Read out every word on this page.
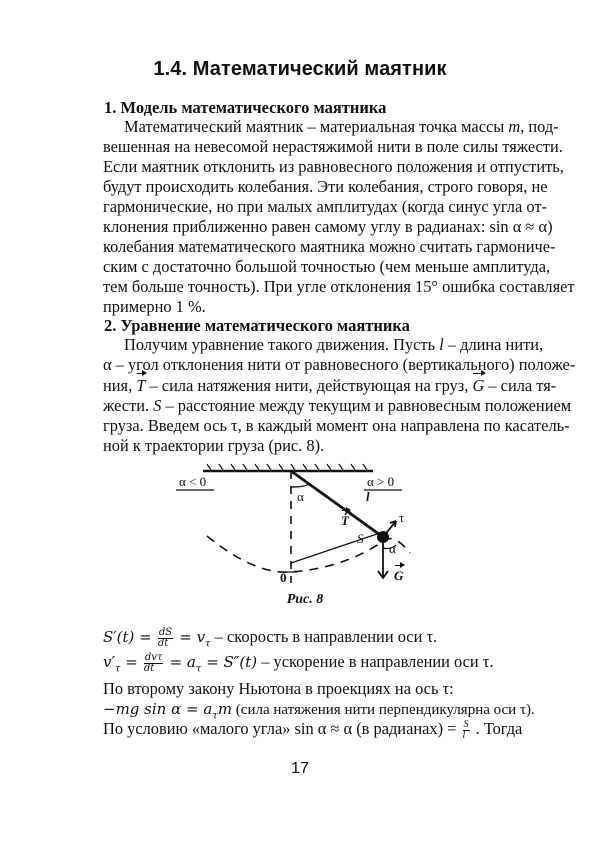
1.4. Математический маятник
1. Модель математического маятника
Математический маятник – материальная точка массы m, под-
вешенная на невесомой нерастяжимой нити в поле силы тяжести.
Если маятник отклонить из равновесного положения и отпустить,
будут происходить колебания. Эти колебания, строго говоря, не
гармонические, но при малых амплитудах (когда синус угла от-
клонения приближенно равен самому углу в радианах: sin α ≈ α)
колебания математического маятника можно считать гармониче-
ским с достаточно большой точностью (чем меньше амплитуда,
тем больше точность). При угле отклонения 15° ошибка составляет
примерно 1 %.
2. Уравнение математического маятника
Получим уравнение такого движения. Пусть l – длина нити,
α – угол отклонения нити от равновесного (вертикального) положе-
ния, T – сила натяжения нити, действующая на груз, G – сила тя-
жести. S – расстояние между текущим и равновесным положением
груза. Введем ось τ, в каждый момент она направлена по касатель-
ной к траектории груза (рис. 8).
α < 0	α > 0
α	l
T
S
τ
α
G
0
Рис. 8
$S'(t) = \frac{dS}{dt} = v_\tau$ – скорость в направлении оси τ.
$v'_\tau = \frac{\text{dvτ}}{dt} = a_\tau = S''(t)$ – ускорение в направлении оси τ.
По второму закону Ньютона в проекциях на ось τ:
−mg $\sin \alpha = a_\tau m$ (сила натяжения нити перпендикулярна оси τ).
По условию «малого угла» sin α ≈ α (в радианах) = $\frac{S}{l}$ . Тогда
17
